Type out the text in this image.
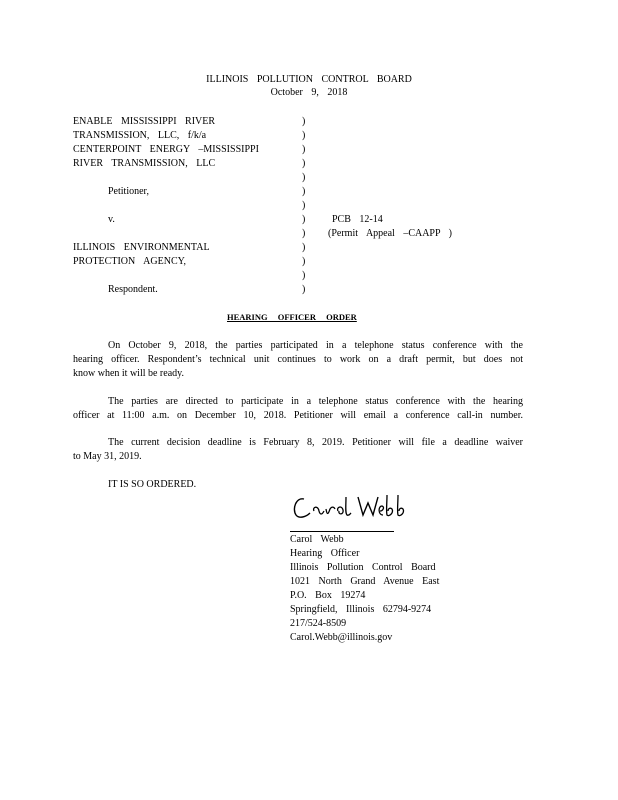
ILLINOIS POLLUTION CONTROL BOARD
October 9, 2018
ENABLE MISSISSIPPI RIVER
TRANSMISSION, LLC, f/k/a
CENTERPOINT ENERGY –MISSISSIPPI
RIVER TRANSMISSION, LLC
Petitioner,
v.
ILLINOIS ENVIRONMENTAL
PROTECTION AGENCY,
Respondent.
)
)
)
)
)
)
)
)
)
)
)
)
)
PCB 12-14
(Permit Appeal –CAAPP )
HEARING OFFICER ORDER
On October 9, 2018, the parties participated in a telephone status conference with the
hearing officer. Respondent’s technical unit continues to work on a draft permit, but does not
know when it will be ready.
The parties are directed to participate in a telephone status conference with the hearing
officer at 11:00 a.m. on December 10, 2018. Petitioner will email a conference call-in number.
The current decision deadline is February 8, 2019. Petitioner will file a deadline waiver
to May 31, 2019.
IT IS SO ORDERED.
Carol Webb
Hearing Officer
Illinois Pollution Control Board
1021 North Grand Avenue East
P.O. Box 19274
Springfield, Illinois 62794-9274
217/524-8509
Carol.Webb@illinois.gov
